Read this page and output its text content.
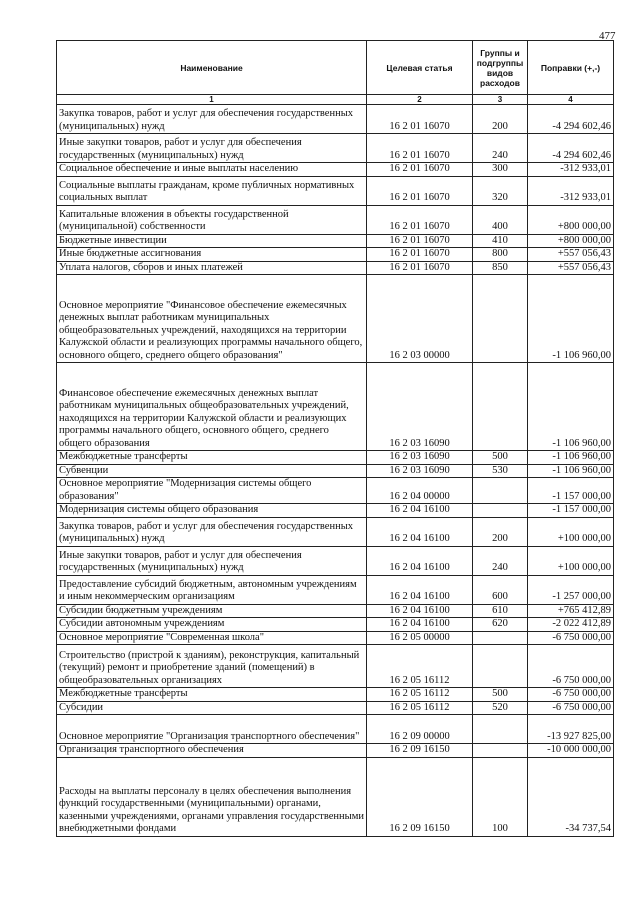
477
Наименование	Целевая статья	Группы и подгруппы видов расходов	Поправки (+,-)
1	2	3	4
Закупка товаров, работ и услуг для обеспечения государственных (муниципальных) нужд	16 2 01 16070	200	-4 294 602,46
Иные закупки товаров, работ и услуг для обеспечения государственных (муниципальных) нужд	16 2 01 16070	240	-4 294 602,46
Социальное обеспечение и иные выплаты населению	16 2 01 16070	300	-312 933,01
Социальные выплаты гражданам, кроме публичных нормативных социальных выплат	16 2 01 16070	320	-312 933,01
Капитальные вложения в объекты государственной (муниципальной) собственности	16 2 01 16070	400	+800 000,00
Бюджетные инвестиции	16 2 01 16070	410	+800 000,00
Иные бюджетные ассигнования	16 2 01 16070	800	+557 056,43
Уплата налогов, сборов и иных платежей	16 2 01 16070	850	+557 056,43
Основное мероприятие "Финансовое обеспечение ежемесячных денежных выплат работникам муниципальных общеобразовательных учреждений, находящихся на территории Калужской области и реализующих программы начального общего, основного общего, среднего общего образования"	16 2 03 00000		-1 106 960,00
Финансовое обеспечение ежемесячных денежных выплат работникам муниципальных общеобразовательных учреждений, находящихся на территории Калужской области и реализующих программы начального общего, основного общего, среднего общего образования	16 2 03 16090		-1 106 960,00
Межбюджетные трансферты	16 2 03 16090	500	-1 106 960,00
Субвенции	16 2 03 16090	530	-1 106 960,00
Основное мероприятие "Модернизация системы общего образования"	16 2 04 00000		-1 157 000,00
Модернизация системы общего образования	16 2 04 16100		-1 157 000,00
Закупка товаров, работ и услуг для обеспечения государственных (муниципальных) нужд	16 2 04 16100	200	+100 000,00
Иные закупки товаров, работ и услуг для обеспечения государственных (муниципальных) нужд	16 2 04 16100	240	+100 000,00
Предоставление субсидий бюджетным, автономным учреждениям и иным некоммерческим организациям	16 2 04 16100	600	-1 257 000,00
Субсидии бюджетным учреждениям	16 2 04 16100	610	+765 412,89
Субсидии автономным учреждениям	16 2 04 16100	620	-2 022 412,89
Основное мероприятие "Современная школа"	16 2 05 00000		-6 750 000,00
Строительство (пристрой к зданиям), реконструкция, капитальный (текущий) ремонт и приобретение зданий (помещений) в общеобразовательных организациях	16 2 05 16112		-6 750 000,00
Межбюджетные трансферты	16 2 05 16112	500	-6 750 000,00
Субсидии	16 2 05 16112	520	-6 750 000,00
Основное мероприятие "Организация транспортного обеспечения"	16 2 09 00000		-13 927 825,00
Организация транспортного обеспечения	16 2 09 16150		-10 000 000,00
Расходы на выплаты персоналу в целях обеспечения выполнения функций государственными (муниципальными) органами, казенными учреждениями, органами управления государственными внебюджетными фондами	16 2 09 16150	100	-34 737,54
